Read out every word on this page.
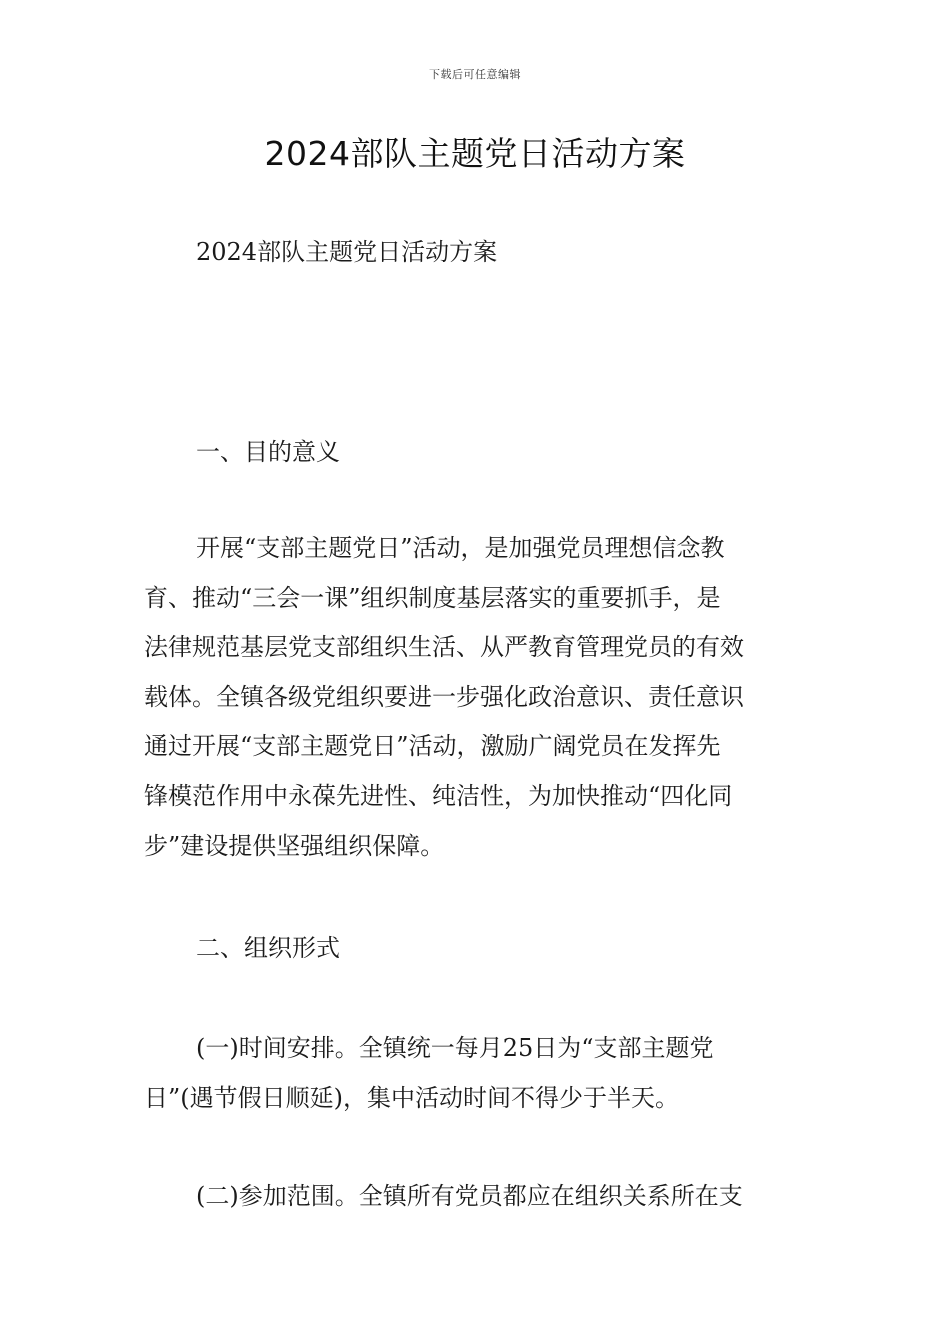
下载后可任意编辑
2024部队主题党日活动方案
2024部队主题党日活动方案
一、目的意义
开展“支部主题党日”活动，是加强党员理想信念教
育、推动“三会一课”组织制度基层落实的重要抓手，是
法律规范基层党支部组织生活、从严教育管理党员的有效
载体。全镇各级党组织要进一步强化政治意识、责任意识
通过开展“支部主题党日”活动，激励广阔党员在发挥先
锋模范作用中永葆先进性、纯洁性，为加快推动“四化同
步”建设提供坚强组织保障。
二、组织形式
(一)时间安排。全镇统一每月25日为“支部主题党
日”(遇节假日顺延)，集中活动时间不得少于半天。
(二)参加范围。全镇所有党员都应在组织关系所在支
